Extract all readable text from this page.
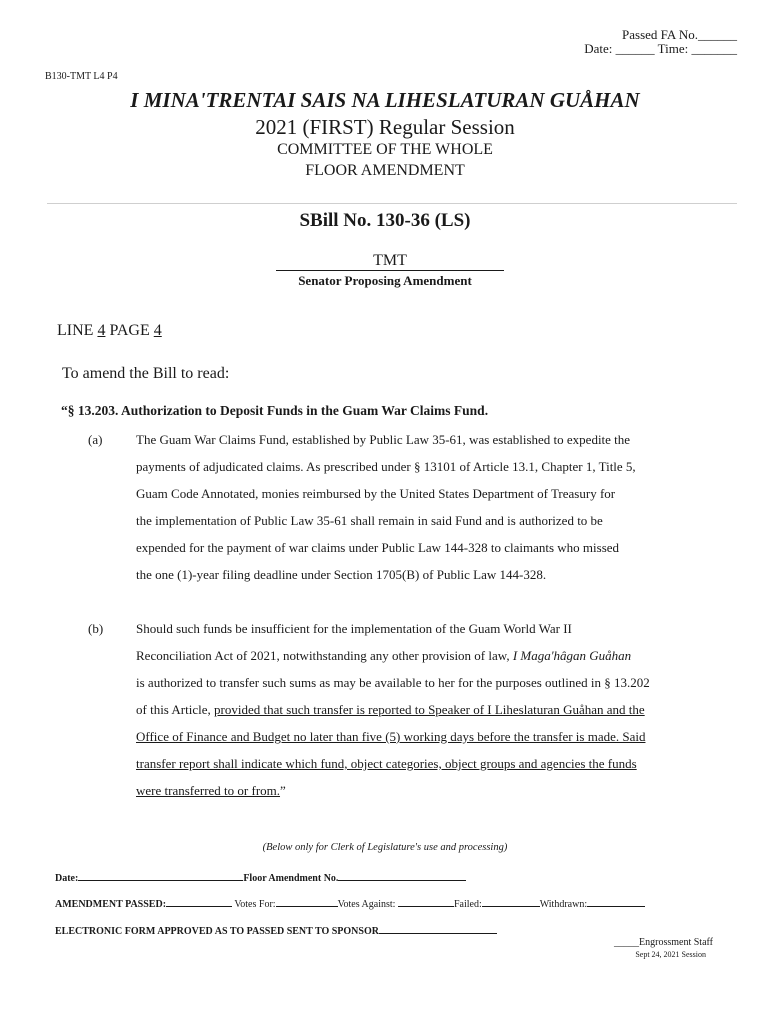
Passed FA No.______
Date: ______ Time: _______
B130-TMT L4 P4
I MINA'TRENTAI SAIS NA LIHESLATURAN GUÅHAN
2021 (FIRST) Regular Session
COMMITTEE OF THE WHOLE
FLOOR AMENDMENT
SBill No. 130-36 (LS)
TMT
Senator Proposing Amendment
LINE 4 PAGE 4
To amend the Bill to read:
“§ 13.203. Authorization to Deposit Funds in the Guam War Claims Fund.
(a)	The Guam War Claims Fund, established by Public Law 35-61, was established to expedite the
payments of adjudicated claims. As prescribed under § 13101 of Article 13.1, Chapter 1, Title 5,
Guam Code Annotated, monies reimbursed by the United States Department of Treasury for
the implementation of Public Law 35-61 shall remain in said Fund and is authorized to be
expended for the payment of war claims under Public Law 144-328 to claimants who missed
the one (1)-year filing deadline under Section 1705(B) of Public Law 144-328.
(b)	Should such funds be insufficient for the implementation of the Guam World War II
Reconciliation Act of 2021, notwithstanding any other provision of law, I Maga'hâgan Guåhan
is authorized to transfer such sums as may be available to her for the purposes outlined in § 13.202
of this Article, provided that such transfer is reported to Speaker of I Liheslaturan Guåhan and the
Office of Finance and Budget no later than five (5) working days before the transfer is made. Said
transfer report shall indicate which fund, object categories, object groups and agencies the funds
were transferred to or from.”
(Below only for Clerk of Legislature's use and processing)
Date:	Floor Amendment No.
AMENDMENT PASSED:	Votes For:	Votes Against:	Failed:	Withdrawn:
ELECTRONIC FORM APPROVED AS TO PASSED SENT TO SPONSOR
_____Engrossment Staff
Sept 24, 2021 Session
